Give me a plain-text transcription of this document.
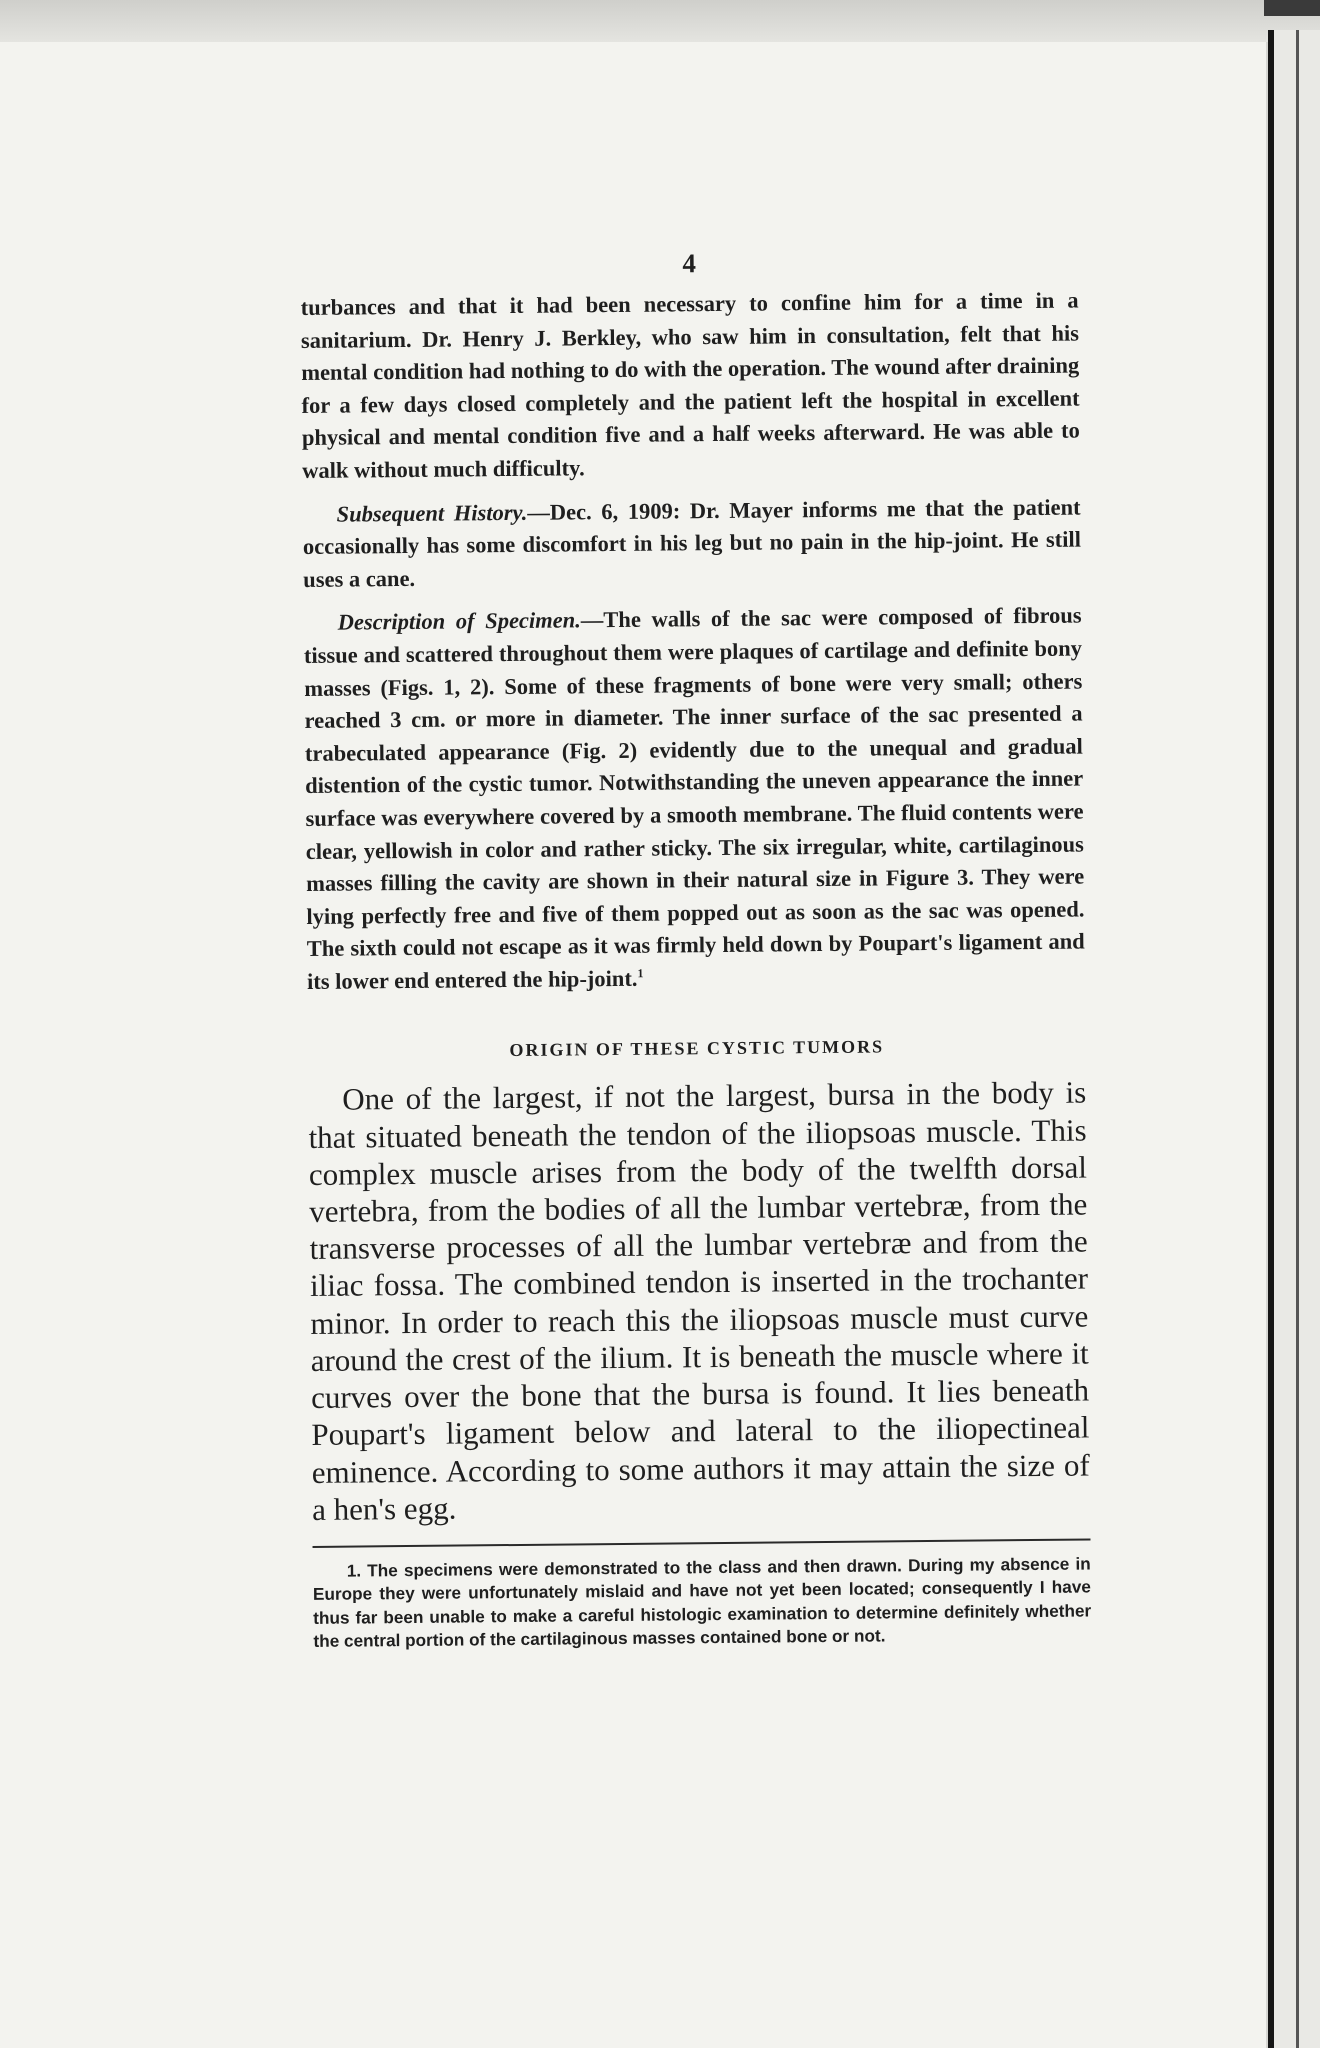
4

turbances and that it had been necessary to confine him for a time in a sanitarium. Dr. Henry J. Berkley, who saw him in consultation, felt that his mental condition had nothing to do with the operation. The wound after draining for a few days closed completely and the patient left the hospital in excellent physical and mental condition five and a half weeks afterward. He was able to walk without much difficulty.

Subsequent History.—Dec. 6, 1909: Dr. Mayer informs me that the patient occasionally has some discomfort in his leg but no pain in the hip-joint. He still uses a cane.

Description of Specimen.—The walls of the sac were composed of fibrous tissue and scattered throughout them were plaques of cartilage and definite bony masses (Figs. 1, 2). Some of these fragments of bone were very small; others reached 3 cm. or more in diameter. The inner surface of the sac presented a trabeculated appearance (Fig. 2) evidently due to the unequal and gradual distention of the cystic tumor. Notwithstanding the uneven appearance the inner surface was everywhere covered by a smooth membrane. The fluid contents were clear, yellowish in color and rather sticky. The six irregular, white, cartilaginous masses filling the cavity are shown in their natural size in Figure 3. They were lying perfectly free and five of them popped out as soon as the sac was opened. The sixth could not escape as it was firmly held down by Poupart's ligament and its lower end entered the hip-joint.$^1$

ORIGIN OF THESE CYSTIC TUMORS

One of the largest, if not the largest, bursa in the body is that situated beneath the tendon of the iliopsoas muscle. This complex muscle arises from the body of the twelfth dorsal vertebra, from the bodies of all the lumbar vertebræ, from the transverse processes of all the lumbar vertebræ and from the iliac fossa. The combined tendon is inserted in the trochanter minor. In order to reach this the iliopsoas muscle must curve around the crest of the ilium. It is beneath the muscle where it curves over the bone that the bursa is found. It lies beneath Poupart's ligament below and lateral to the iliopectineal eminence. According to some authors it may attain the size of a hen's egg.

1. The specimens were demonstrated to the class and then drawn. During my absence in Europe they were unfortunately mislaid and have not yet been located; consequently I have thus far been unable to make a careful histologic examination to determine definitely whether the central portion of the cartilaginous masses contained bone or not.
